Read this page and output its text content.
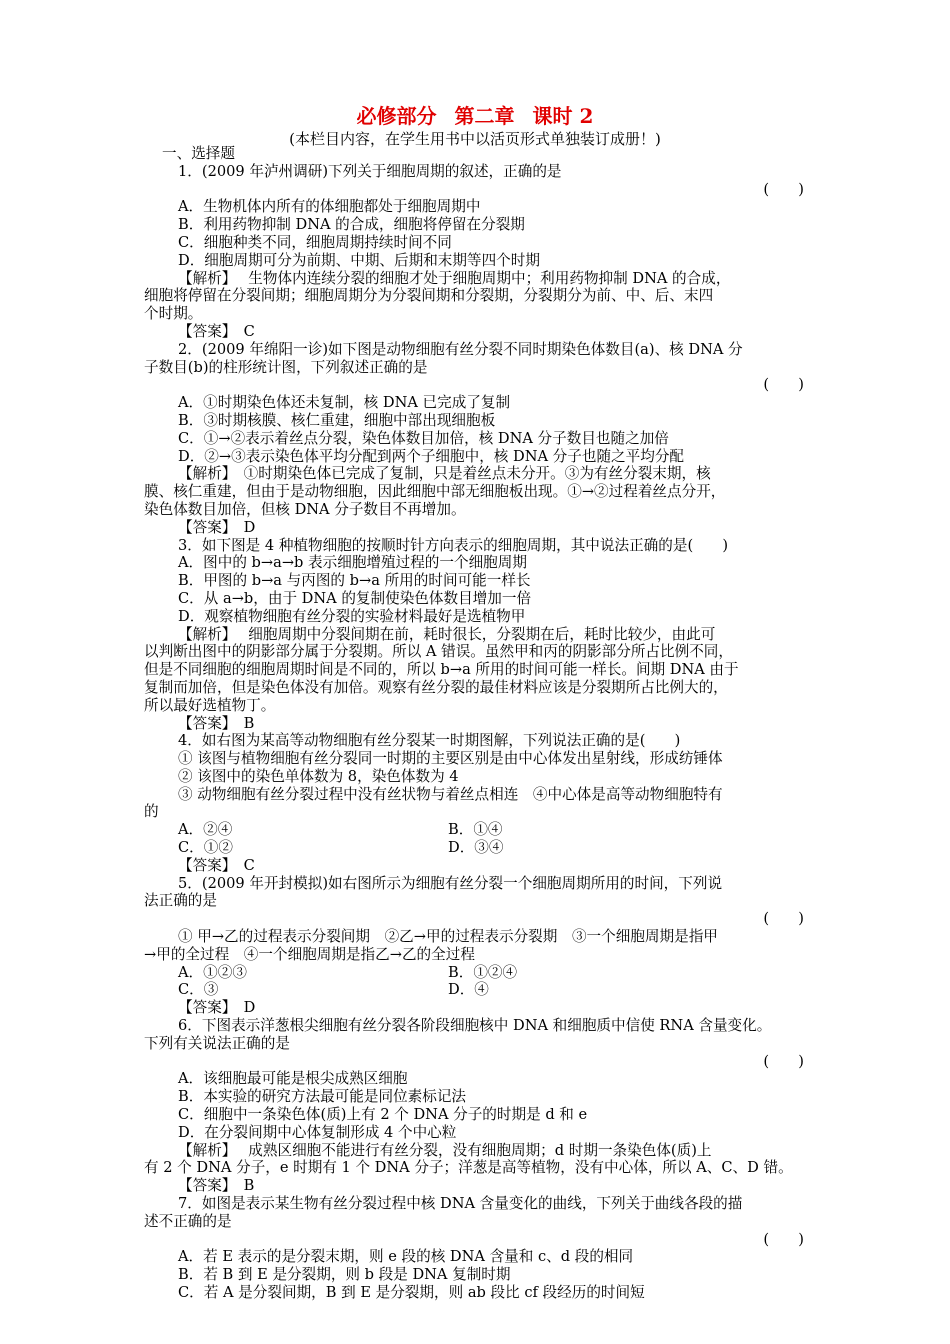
必修部分 第二章 课时 2
(本栏目内容，在学生用书中以活页形式单独装订成册！)
一、选择题
1．(2009 年泸州调研)下列关于细胞周期的叙述，正确的是
(　　)

A．生物机体内所有的体细胞都处于细胞周期中
B．利用药物抑制 DNA 的合成，细胞将停留在分裂期
C．细胞种类不同，细胞周期持续时间不同
D．细胞周期可分为前期、中期、后期和末期等四个时期
【解析】　 生物体内连续分裂的细胞才处于细胞周期中；利用药物抑制 DNA 的合成，
细胞将停留在分裂间期；细胞周期分为分裂间期和分裂期，分裂期分为前、中、后、末四
个时期。
【答案】　C
2．(2009 年绵阳一诊)如下图是动物细胞有丝分裂不同时期染色体数目(a)、核 DNA 分
子数目(b)的柱形统计图，下列叙述正确的是
(　　)

A．①时期染色体还未复制，核 DNA 已完成了复制
B．③时期核膜、核仁重建，细胞中部出现细胞板
C．①→②表示着丝点分裂，染色体数目加倍，核 DNA 分子数目也随之加倍
D．②→③表示染色体平均分配到两个子细胞中，核 DNA 分子也随之平均分配
【解析】　①时期染色体已完成了复制，只是着丝点未分开。③为有丝分裂末期，核
膜、核仁重建，但由于是动物细胞，因此细胞中部无细胞板出现。①→②过程着丝点分开，
染色体数目加倍，但核 DNA 分子数目不再增加。
【答案】　D
3．如下图是 4 种植物细胞的按顺时针方向表示的细胞周期，其中说法正确的是(　　)
A．图中的 b→a→b 表示细胞增殖过程的一个细胞周期
B．甲图的 b→a 与丙图的 b→a 所用的时间可能一样长
C．从 a→b，由于 DNA 的复制使染色体数目增加一倍
D．观察植物细胞有丝分裂的实验材料最好是选植物甲
【解析】　 细胞周期中分裂间期在前，耗时很长，分裂期在后，耗时比较少，由此可
以判断出图中的阴影部分属于分裂期。所以 A 错误。虽然甲和丙的阴影部分所占比例不同，
但是不同细胞的细胞周期时间是不同的，所以 b→a 所用的时间可能一样长。间期 DNA 由于
复制而加倍，但是染色体没有加倍。观察有丝分裂的最佳材料应该是分裂期所占比例大的，
所以最好选植物丁。
【答案】　B
4．如右图为某高等动物细胞有丝分裂某一时期图解，下列说法正确的是(　　)
① 该图与植物细胞有丝分裂同一时期的主要区别是由中心体发出星射线，形成纺锤体
② 该图中的染色单体数为 8，染色体数为 4
③ 动物细胞有丝分裂过程中没有丝状物与着丝点相连　④中心体是高等动物细胞特有
的
A．②④	B．①④
C．①②	D．③④
【答案】　C
5．(2009 年开封模拟)如右图所示为细胞有丝分裂一个细胞周期所用的时间，下列说
法正确的是
(　　)

① 甲→乙的过程表示分裂间期　②乙→甲的过程表示分裂期　③一个细胞周期是指甲
→甲的全过程　④一个细胞周期是指乙→乙的全过程
A．①②③	B．①②④
C．③	D．④
【答案】　D
6．下图表示洋葱根尖细胞有丝分裂各阶段细胞核中 DNA 和细胞质中信使 RNA 含量变化。
下列有关说法正确的是
(　　)

A．该细胞最可能是根尖成熟区细胞
B．本实验的研究方法最可能是同位素标记法
C．细胞中一条染色体(质)上有 2 个 DNA 分子的时期是 d 和 e
D．在分裂间期中心体复制形成 4 个中心粒
【解析】　 成熟区细胞不能进行有丝分裂，没有细胞周期；d 时期一条染色体(质)上
有 2 个 DNA 分子，e 时期有 1 个 DNA 分子；洋葱是高等植物，没有中心体，所以 A、C、D 错。
【答案】　B
7．如图是表示某生物有丝分裂过程中核 DNA 含量变化的曲线，下列关于曲线各段的描
述不正确的是
(　　)

A．若 E 表示的是分裂末期，则 e 段的核 DNA 含量和 c、d 段的相同
B．若 B 到 E 是分裂期，则 b 段是 DNA 复制时期
C．若 A 是分裂间期，B 到 E 是分裂期，则 ab 段比 cf 段经历的时间短
